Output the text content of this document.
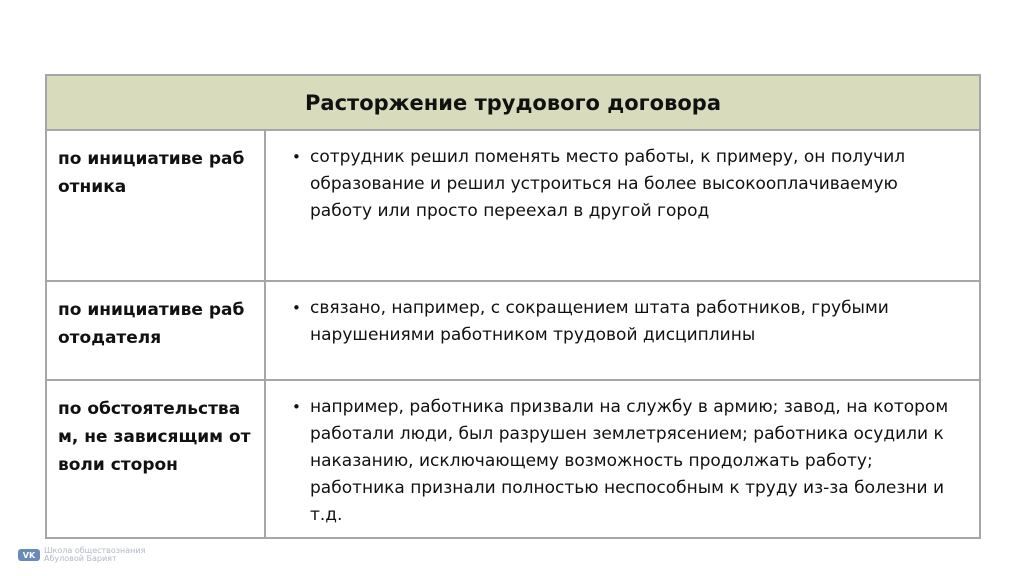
Расторжение трудового договора	
по инициативе работника	• сотрудник решил поменять место работы, к примеру, он получил образование и решил устроиться на более высокооплачиваемую работу или просто переехал в другой город

по инициативе работодателя	• связано, например, с сокращением штата работников, грубыми нарушениями работником трудовой дисциплины

по обстоятельствам, не зависящим от воли сторон	• например, работника призвали на службу в армию; завод, на котором работали люди, был разрушен землетрясением; работника осудили к наказанию, исключающему возможность продолжать работу; работника признали полностью неспособным к труду из-за болезни и т.д.
VK	Школа обществознания
Абуловой Барият
